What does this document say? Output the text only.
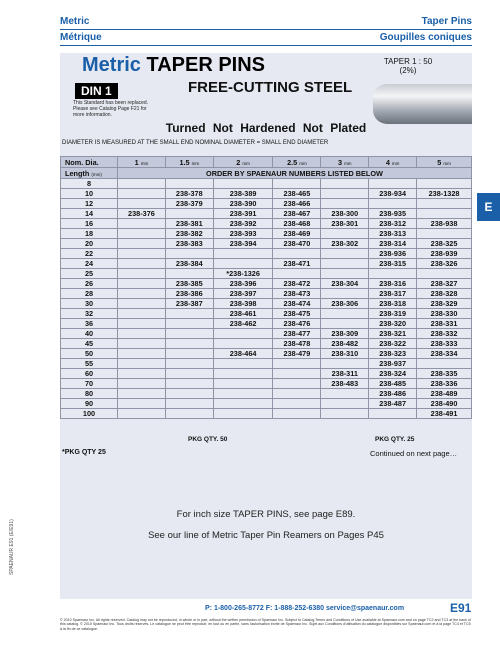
Metric
Métrique
Taper Pins
Goupilles coniques
Metric TAPER PINS
DIN 1
This Standard has been replaced. Please see Catalog Page F21 for more information.
FREE-CUTTING STEEL
TAPER 1 : 50
(2%)
Turned Not Hardened Not Plated
DIAMETER IS MEASURED AT THE SMALL END NOMINAL DIAMETER = SMALL END DIAMETER
Nom. Dia.	1 mm	1.5 mm	2 mm	2.5 mm	3 mm	4 mm	5 mm
Length (mm)	ORDER BY SPAENAUR NUMBERS LISTED BELOW						
8							
10		238-378	238-389	238-465		238-934	238-1328
12		238-379	238-390	238-466			
14	238-376		238-391	238-467	238-300	238-935	
16		238-381	238-392	238-468	238-301	238-312	238-938
18		238-382	238-393	238-469		238-313	
20		238-383	238-394	238-470	238-302	238-314	238-325
22						238-936	238-939
24		238-384		238-471		238-315	238-326
25			*238-1326				
26		238-385	238-396	238-472	238-304	238-316	238-327
28		238-386	238-397	238-473		238-317	238-328
30		238-387	238-398	238-474	238-306	238-318	238-329
32			238-461	238-475		238-319	238-330
36			238-462	238-476		238-320	238-331
40				238-477	238-309	238-321	238-332
45				238-478	238-482	238-322	238-333
50			238-464	238-479	238-310	238-323	238-334
55						238-937	
60					238-311	238-324	238-335
70					238-483	238-485	238-336
80						238-486	238-489
90						238-487	238-490
100							238-491
PKG QTY. 50	PKG QTY. 25
*PKG QTY 25	Continued on next page…
For inch size TAPER PINS, see page E89.
See our line of Metric Taper Pin Reamers on Pages P45
E
SPAENAUR E91 (E/E91)
P: 1-800-265-8772 F: 1-888-252-6380 service@spaenaur.com	E91
© 2010 Spaenaur Inc. All rights reserved. Catalog may not be reproduced, in whole or in part, without the written permission of Spaenaur Inc. Subject to Catalog Terms and Conditions of Use available at Spaenaur.com and on page TC2 and TC3 at the back of this catalog. © 2010 Spaenaur Inc. Tous droits réservés. Le catalogue ne peut être reproduit, en tout ou en partie, sans l'autorisation écrite de Spaenaur Inc. Sujet aux Conditions d'utilisation du catalogue disponibles sur Spaenaur.com et à la page TC4 et TC5 à la fin de ce catalogue.
